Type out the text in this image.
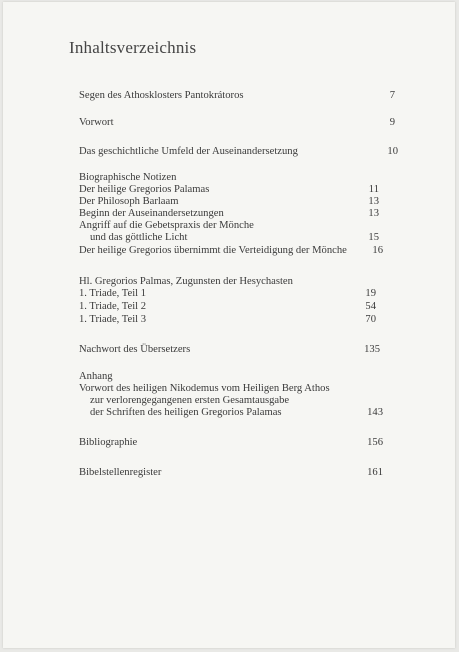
Inhaltsverzeichnis
Segen des Athosklosters Pantokrátoros	7
Vorwort	9
Das geschichtliche Umfeld der Auseinandersetzung	10
Biographische Notizen
Der heilige Gregorios Palamas	11
Der Philosoph Barlaam	13
Beginn der Auseinandersetzungen	13
Angriff auf die Gebetspraxis der Mönche
und das göttliche Licht	15
Der heilige Gregorios übernimmt die Verteidigung der Mönche	16
Hl. Gregorios Palmas, Zugunsten der Hesychasten
1. Triade, Teil 1	19
1. Triade, Teil 2	54
1. Triade, Teil 3	70
Nachwort des Übersetzers	135
Anhang
Vorwort des heiligen Nikodemus vom Heiligen Berg Athos
zur verlorengegangenen ersten Gesamtausgabe
der Schriften des heiligen Gregorios Palamas	143
Bibliographie	156
Bibelstellenregister	161
